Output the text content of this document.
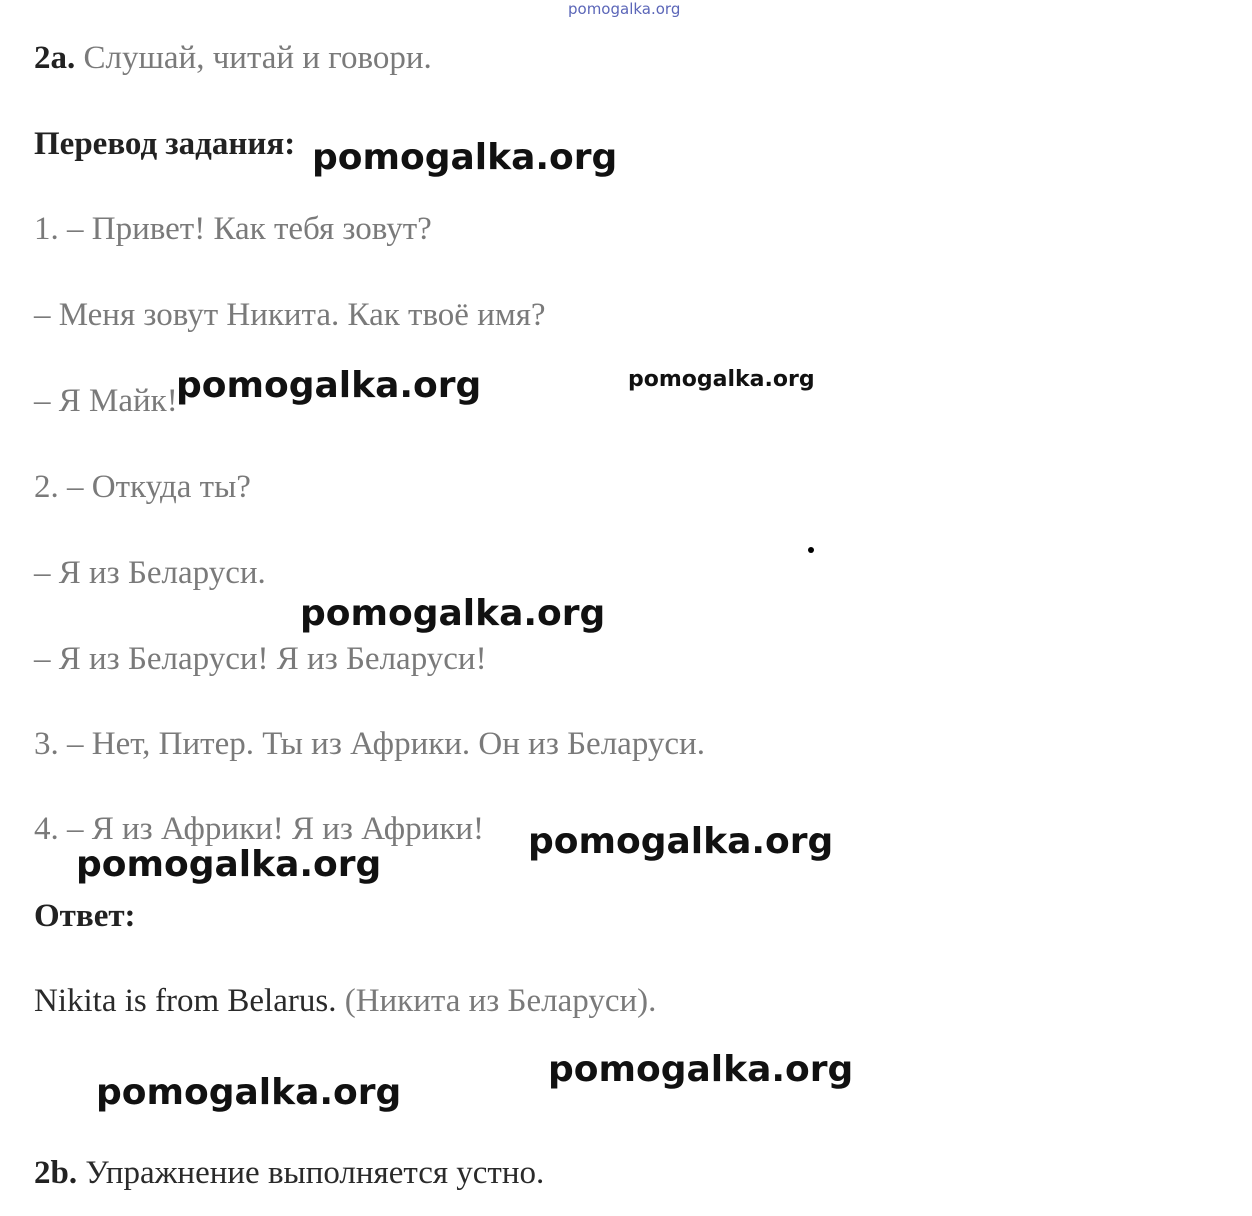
pomogalka.org
2a. Слушай, читай и говори.
Перевод задания:
1. – Привет! Как тебя зовут?
– Меня зовут Никита. Как твоё имя?
– Я Майк!
2. – Откуда ты?
– Я из Беларуси.
– Я из Беларуси! Я из Беларуси!
3. – Нет, Питер. Ты из Африки. Он из Беларуси.
4. – Я из Африки! Я из Африки!
Ответ:
Nikita is from Belarus. (Никита из Беларуси).
2b. Упражнение выполняется устно.
pomogalka.org
pomogalka.org	pomogalka.org
pomogalka.org
pomogalka.org
pomogalka.org
pomogalka.org
pomogalka.org
